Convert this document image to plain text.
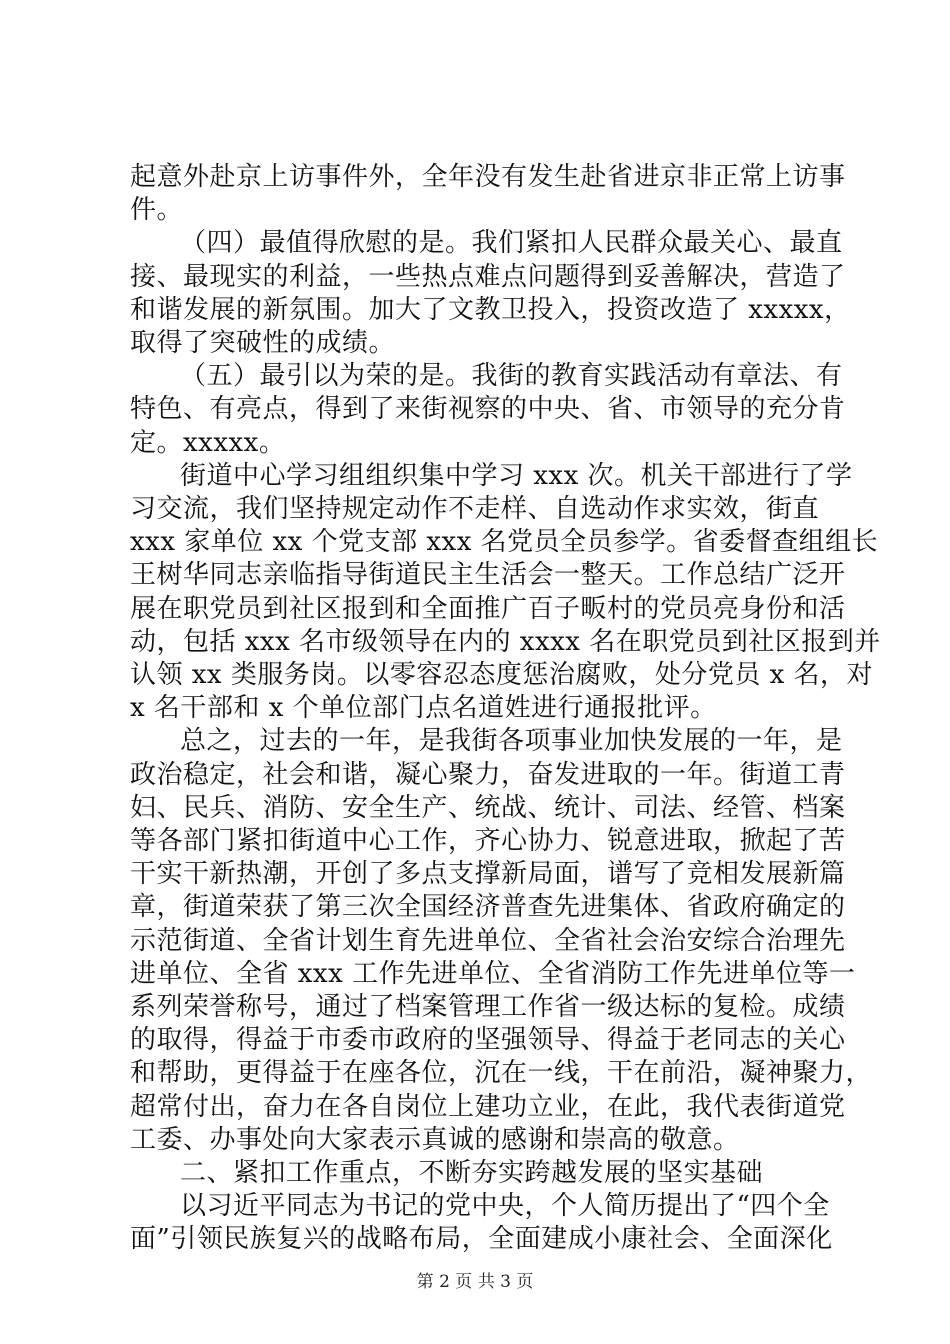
起意外赴京上访事件外，全年没有发生赴省进京非正常上访事
件。
（四）最值得欣慰的是。我们紧扣人民群众最关心、最直
接、最现实的利益，一些热点难点问题得到妥善解决，营造了
和谐发展的新氛围。加大了文教卫投入，投资改造了 xxxxx，
取得了突破性的成绩。
（五）最引以为荣的是。我街的教育实践活动有章法、有
特色、有亮点，得到了来街视察的中央、省、市领导的充分肯
定。xxxxx。
街道中心学习组组织集中学习 xxx 次。机关干部进行了学
习交流，我们坚持规定动作不走样、自选动作求实效，街直
xxx 家单位 xx 个党支部 xxx 名党员全员参学。省委督查组组长
王树华同志亲临指导街道民主生活会一整天。工作总结广泛开
展在职党员到社区报到和全面推广百子畈村的党员亮身份和活
动，包括 xxx 名市级领导在内的 xxxx 名在职党员到社区报到并
认领 xx 类服务岗。以零容忍态度惩治腐败，处分党员 x 名，对
x 名干部和 x 个单位部门点名道姓进行通报批评。
总之，过去的一年，是我街各项事业加快发展的一年，是
政治稳定，社会和谐，凝心聚力，奋发进取的一年。街道工青
妇、民兵、消防、安全生产、统战、统计、司法、经管、档案
等各部门紧扣街道中心工作，齐心协力、锐意进取，掀起了苦
干实干新热潮，开创了多点支撑新局面，谱写了竞相发展新篇
章，街道荣获了第三次全国经济普查先进集体、省政府确定的
示范街道、全省计划生育先进单位、全省社会治安综合治理先
进单位、全省 xxx 工作先进单位、全省消防工作先进单位等一
系列荣誉称号，通过了档案管理工作省一级达标的复检。成绩
的取得，得益于市委市政府的坚强领导、得益于老同志的关心
和帮助，更得益于在座各位，沉在一线，干在前沿，凝神聚力，
超常付出，奋力在各自岗位上建功立业，在此，我代表街道党
工委、办事处向大家表示真诚的感谢和崇高的敬意。
二、紧扣工作重点，不断夯实跨越发展的坚实基础
以习近平同志为书记的党中央，个人简历提出了“四个全
面”引领民族复兴的战略布局，全面建成小康社会、全面深化
第 2 页 共 3 页
